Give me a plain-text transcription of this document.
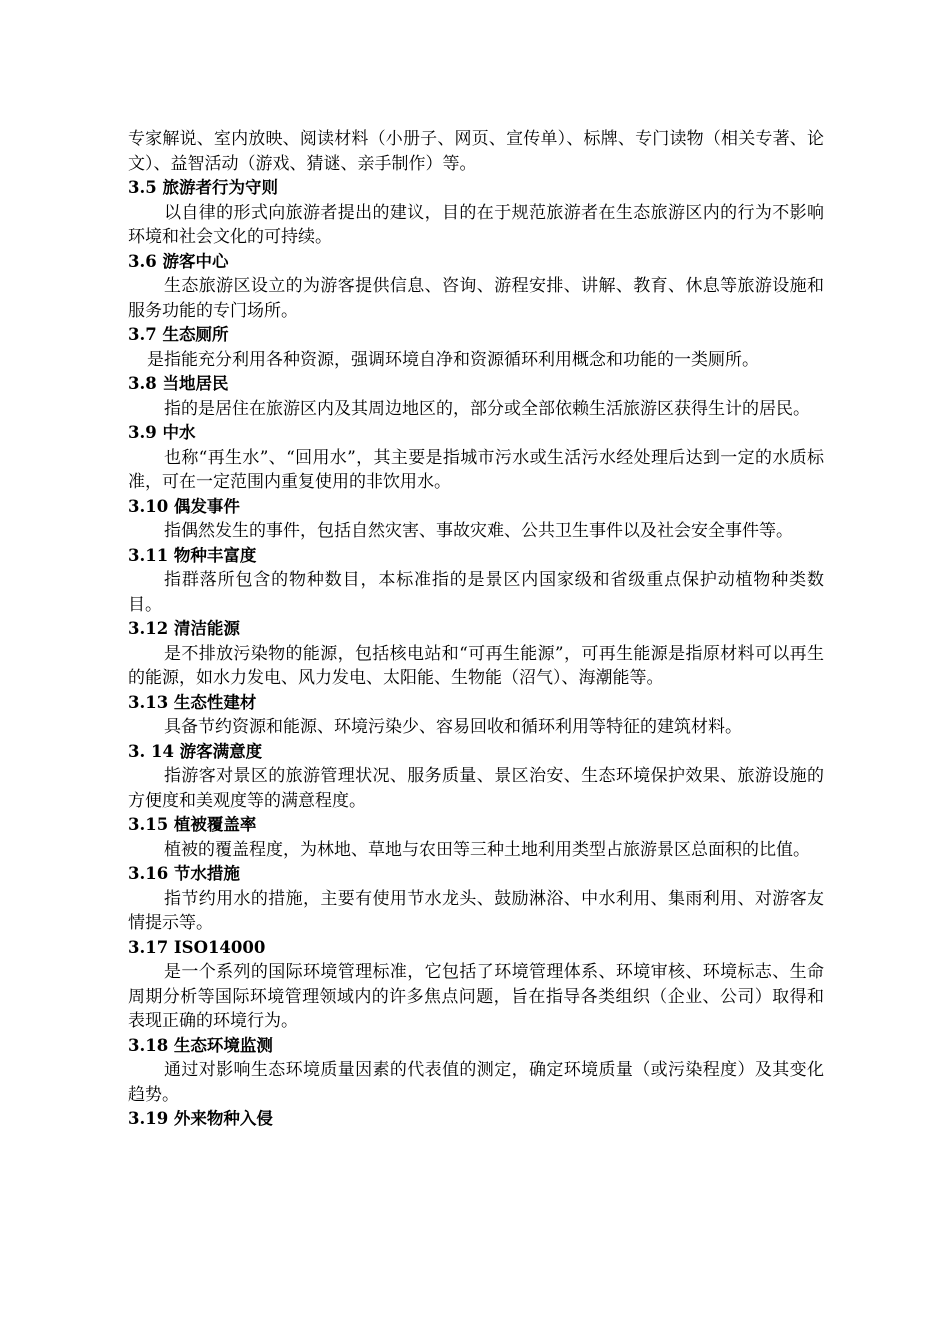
专家解说、室内放映、阅读材料（小册子、网页、宣传单）、标牌、专门读物（相关专著、论文）、益智活动（游戏、猜谜、亲手制作）等。

3.5 旅游者行为守则

以自律的形式向旅游者提出的建议，目的在于规范旅游者在生态旅游区内的行为不影响环境和社会文化的可持续。

3.6 游客中心

生态旅游区设立的为游客提供信息、咨询、游程安排、讲解、教育、休息等旅游设施和服务功能的专门场所。

3.7 生态厕所

是指能充分利用各种资源，强调环境自净和资源循环利用概念和功能的一类厕所。

3.8 当地居民

指的是居住在旅游区内及其周边地区的，部分或全部依赖生活旅游区获得生计的居民。

3.9 中水

也称“再生水”、“回用水”，其主要是指城市污水或生活污水经处理后达到一定的水质标准，可在一定范围内重复使用的非饮用水。

3.10 偶发事件

指偶然发生的事件，包括自然灾害、事故灾难、公共卫生事件以及社会安全事件等。

3.11 物种丰富度

指群落所包含的物种数目，本标准指的是景区内国家级和省级重点保护动植物种类数目。

3.12 清洁能源

是不排放污染物的能源，包括核电站和“可再生能源”，可再生能源是指原材料可以再生的能源，如水力发电、风力发电、太阳能、生物能（沼气）、海潮能等。

3.13 生态性建材

具备节约资源和能源、环境污染少、容易回收和循环利用等特征的建筑材料。

3. 14 游客满意度

指游客对景区的旅游管理状况、服务质量、景区治安、生态环境保护效果、旅游设施的方便度和美观度等的满意程度。

3.15 植被覆盖率

植被的覆盖程度，为林地、草地与农田等三种土地利用类型占旅游景区总面积的比值。

3.16 节水措施

指节约用水的措施，主要有使用节水龙头、鼓励淋浴、中水利用、集雨利用、对游客友情提示等。

3.17 ISO14000

是一个系列的国际环境管理标准，它包括了环境管理体系、环境审核、环境标志、生命周期分析等国际环境管理领域内的许多焦点问题，旨在指导各类组织（企业、公司）取得和表现正确的环境行为。

3.18 生态环境监测

通过对影响生态环境质量因素的代表值的测定，确定环境质量（或污染程度）及其变化趋势。

3.19 外来物种入侵
